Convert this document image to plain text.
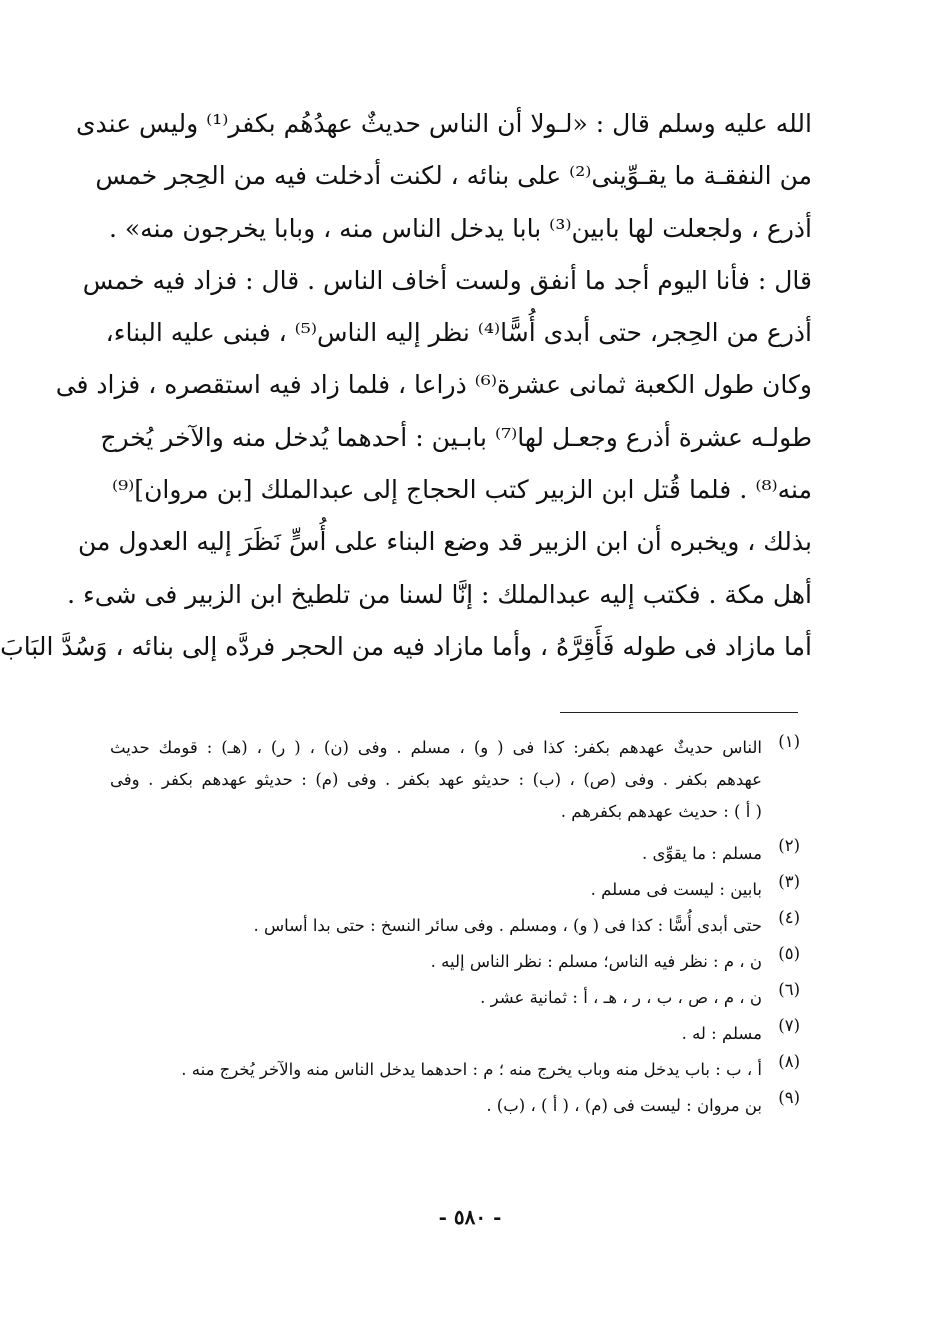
الله عليه وسلم قال : «لـولا أن الناس حديثٌ عهدُهُم بكفر⁽¹⁾ وليس عندى
من النفقـة ما يقـوِّينى⁽²⁾ على بنائه ، لكنت أدخلت فيه من الحِجر خمس
أذرع ، ولجعلت لها بابين⁽³⁾ بابا يدخل الناس منه ، وبابا يخرجون منه» .
قال : فأنا اليوم أجد ما أنفق ولست أخاف الناس . قال : فزاد فيه خمس
أذرع من الحِجر، حتى أبدى أُسًّا⁽⁴⁾ نظر إليه الناس⁽⁵⁾ ، فبنى عليه البناء،
وكان طول الكعبة ثمانى عشرة⁽⁶⁾ ذراعا ، فلما زاد فيه استقصره ، فزاد فى
طولـه عشرة أذرع وجعـل لها⁽⁷⁾ بابـين : أحدهما يُدخل منه والآخر يُخرج
منه⁽⁸⁾ . فلما قُتل ابن الزبير كتب الحجاج إلى عبدالملك [بن مروان]⁽⁹⁾
بذلك ، ويخبره أن ابن الزبير قد وضع البناء على أُسٍّ نَظَرَ إليه العدول من
أهل مكة . فكتب إليه عبدالملك : إنَّا لسنا من تلطيخ ابن الزبير فى شىء .
أما مازاد فى طوله فَأَقِرَّهُ ، وأما مازاد فيه من الحجر فردَّه إلى بنائه ، وَسُدَّ البَابَ
(١)
الناس حديثٌ عهدهم بكفر: كذا فى ( و) ، مسلم . وفى (ن) ، ( ر) ، (هـ) : قومك حديث
عهدهم بكفر . وفى (ص) ، (ب) : حديثو عهد بكفر . وفى (م) : حديثو عهدهم بكفر . وفى
( أ ) : حديث عهدهم بكفرهم .
(٢)
مسلم : ما يقوِّى .
(٣)
بابين : ليست فى مسلم .
(٤)
حتى أبدى أُسًّا : كذا فى ( و) ، ومسلم . وفى سائر النسخ : حتى بدا أساس .
(٥)
ن ، م : نظر فيه الناس؛ مسلم : نظر الناس إليه .
(٦)
ن ، م ، ص ، ب ، ر ، هـ ، أ : ثمانية عشر .
(٧)
مسلم : له .
(٨)
أ ، ب : باب يدخل منه وباب يخرج منه ؛ م : احدهما يدخل الناس منه والآخر يُخرج منه .
(٩)
بن مروان : ليست فى (م) ، ( أ ) ، (ب) .
- ٥٨٠ -
